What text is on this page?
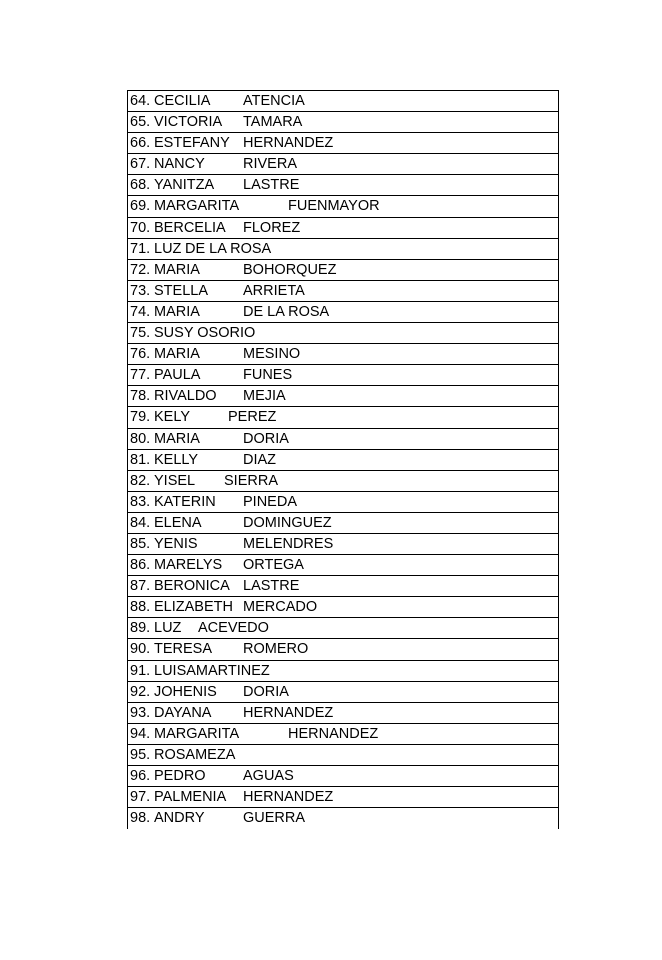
64. CECILIA ATENCIA
65. VICTORIA TAMARA
66. ESTEFANY HERNANDEZ
67. NANCY	RIVERA
68. YANITZA LASTRE
69. MARGARITA	FUENMAYOR
70. BERCELIA FLOREZ
71. LUZ DE LA ROSA
72. MARIA	BOHORQUEZ
73. STELLA ARRIETA
74. MARIA	DE LA ROSA
75. SUSY OSORIO
76. MARIA	MESINO
77. PAULA	FUNES
78. RIVALDO MEJIA
79. KELY	PEREZ
80. MARIA	DORIA
81. KELLY	DIAZ
82. YISEL SIERRA
83. KATERIN PINEDA
84. ELENA	DOMINGUEZ
85. YENIS	MELENDRES
86. MARELYS ORTEGA
87. BERONICA LASTRE
88. ELIZABETH MERCADO
89. LUZ ACEVEDO
90. TERESA ROMERO
91. LUISAMARTINEZ
92. JOHENIS DORIA
93. DAYANA HERNANDEZ
94. MARGARITA	HERNANDEZ
95. ROSAMEZA
96. PEDRO	AGUAS
97. PALMENIA HERNANDEZ
98. ANDRY	GUERRA
